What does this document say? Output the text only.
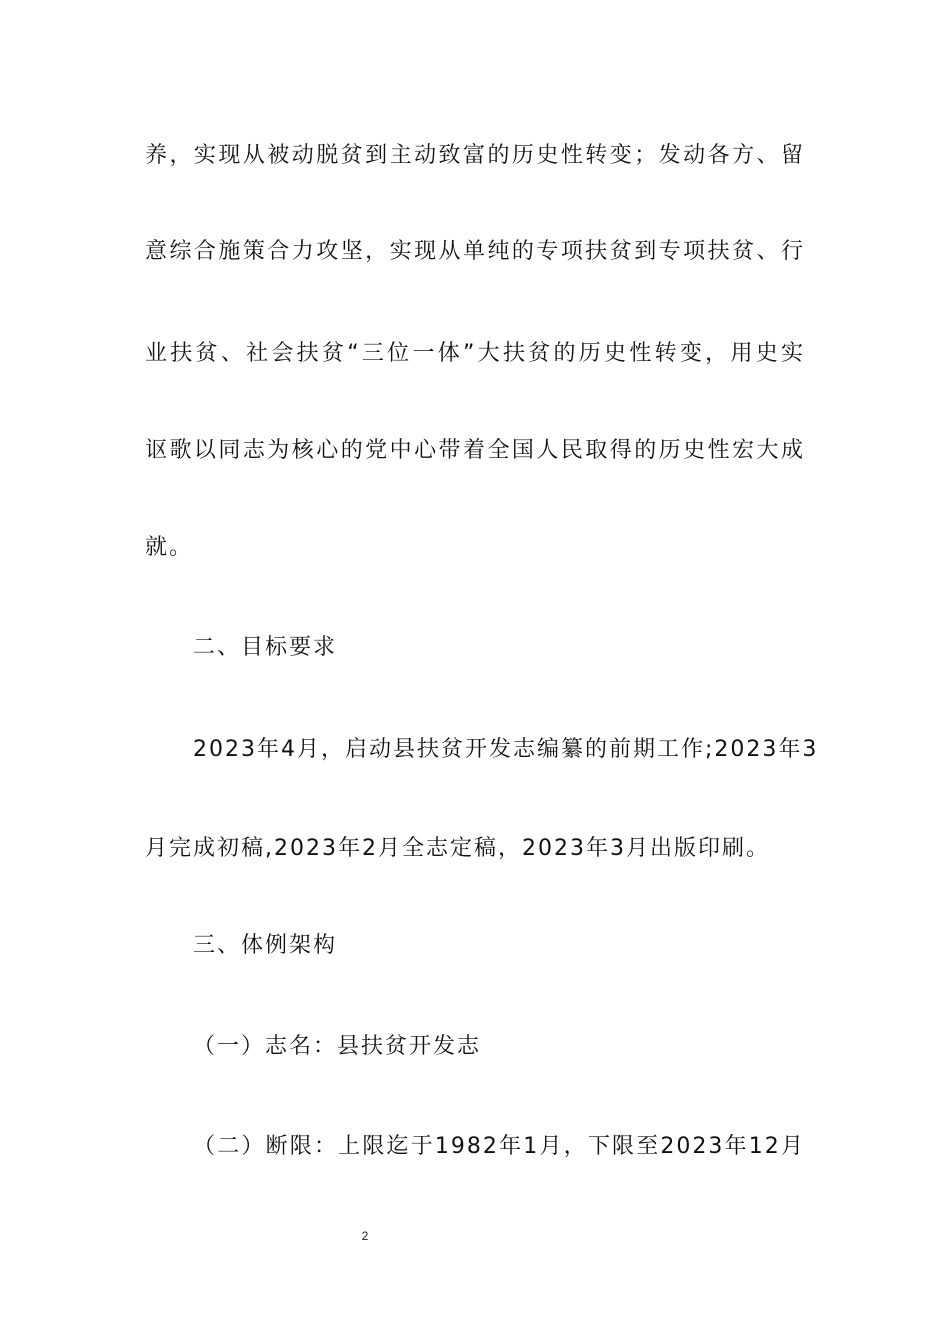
养，实现从被动脱贫到主动致富的历史性转变；发动各方、留
意综合施策合力攻坚，实现从单纯的专项扶贫到专项扶贫、行
业扶贫、社会扶贫“三位一体”大扶贫的历史性转变，用史实
讴歌以同志为核心的党中心带着全国人民取得的历史性宏大成
就。
二、目标要求
2023年4月，启动县扶贫开发志编纂的前期工作;2023年3
月完成初稿,2023年2月全志定稿，2023年3月出版印刷。
三、体例架构
（一）志名：县扶贫开发志
（二）断限：上限迄于1982年1月，下限至2023年12月
2
